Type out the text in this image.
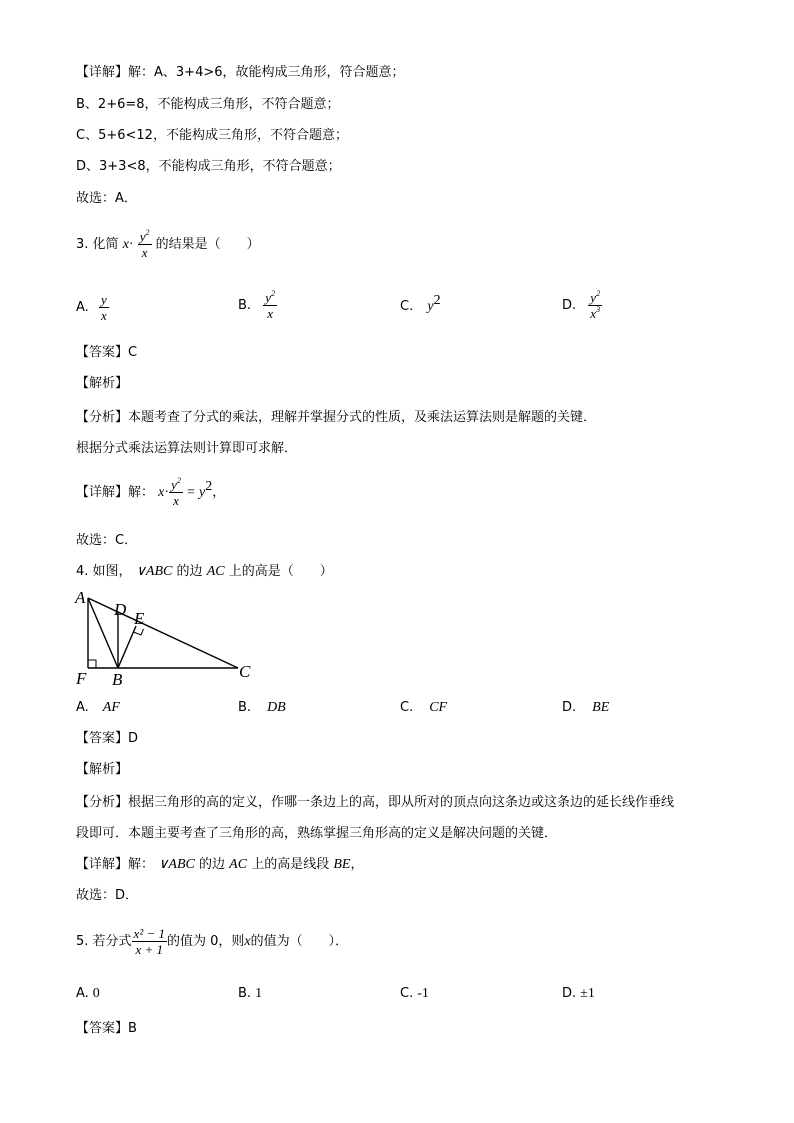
【详解】解：A、3+4>6，故能构成三角形，符合题意；
B、2+6=8，不能构成三角形，不符合题意；
C、5+6<12，不能构成三角形，不符合题意；
D、3+3<8，不能构成三角形，不符合题意；
故选：A．
3. 化简 $x\cdot \frac{y^2}{x}$ 的结果是（　　）
A. $\frac{y}{x}$	B. $\frac{y^2}{x}$	C. $y^2$	D. $\frac{y^2}{x^3}$
【答案】C
【解析】
【分析】本题考查了分式的乘法，理解并掌握分式的性质，及乘法运算法则是解题的关键．
根据分式乘法运算法则计算即可求解．
【详解】解： $x\cdot \frac{y^2}{x} = y^2$，
故选：C．
4. 如图， ∨ABC 的边 AC 上的高是（　　）
A
D E
F B	C
A. AF	B. DB	C. CF	D. BE
【答案】D
【解析】
【分析】根据三角形的高的定义，作哪一条边上的高，即从所对的顶点向这条边或这条边的延长线作垂线
段即可．本题主要考查了三角形的高，熟练掌握三角形高的定义是解决问题的关键．
【详解】解： ∨ABC 的边 AC 上的高是线段 BE，
故选：D．
5. 若分式 $\frac{\text{x² − 1}}{x + 1}$ 的值为 0，则x的值为（　　）．
A. 0	B. 1	C. -1	D. ±1
【答案】B
